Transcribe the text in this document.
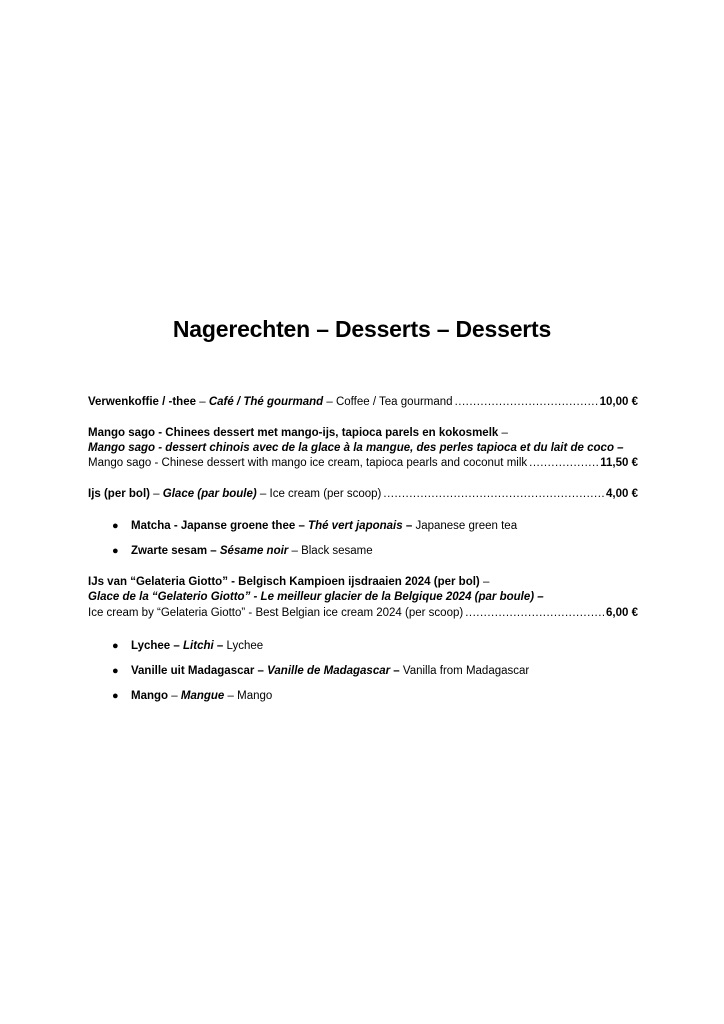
Nagerechten – Desserts – Desserts
Verwenkoffie / -thee – Café / Thé gourmand – Coffee / Tea gourmand .....	10,00 €
Mango sago - Chinees dessert met mango-ijs, tapioca parels en kokosmelk –
Mango sago - dessert chinois avec de la glace à la mangue, des perles tapioca et du lait de coco –
Mango sago - Chinese dessert with mango ice cream, tapioca pearls and coconut milk .....	11,50 €
Ijs (per bol) – Glace (par boule) – Ice cream (per scoop) .....	4,00 €
● Matcha - Japanse groene thee – Thé vert japonais – Japanese green tea
● Zwarte sesam – Sésame noir – Black sesame
IJs van “Gelateria Giotto” - Belgisch Kampioen ijsdraaien 2024 (per bol) –
Glace de la “Gelaterio Giotto” - Le meilleur glacier de la Belgique 2024 (par boule) –
Ice cream by “Gelateria Giotto” - Best Belgian ice cream 2024 (per scoop) .....	6,00 €
● Lychee – Litchi – Lychee
● Vanille uit Madagascar – Vanille de Madagascar – Vanilla from Madagascar
● Mango – Mangue – Mango
